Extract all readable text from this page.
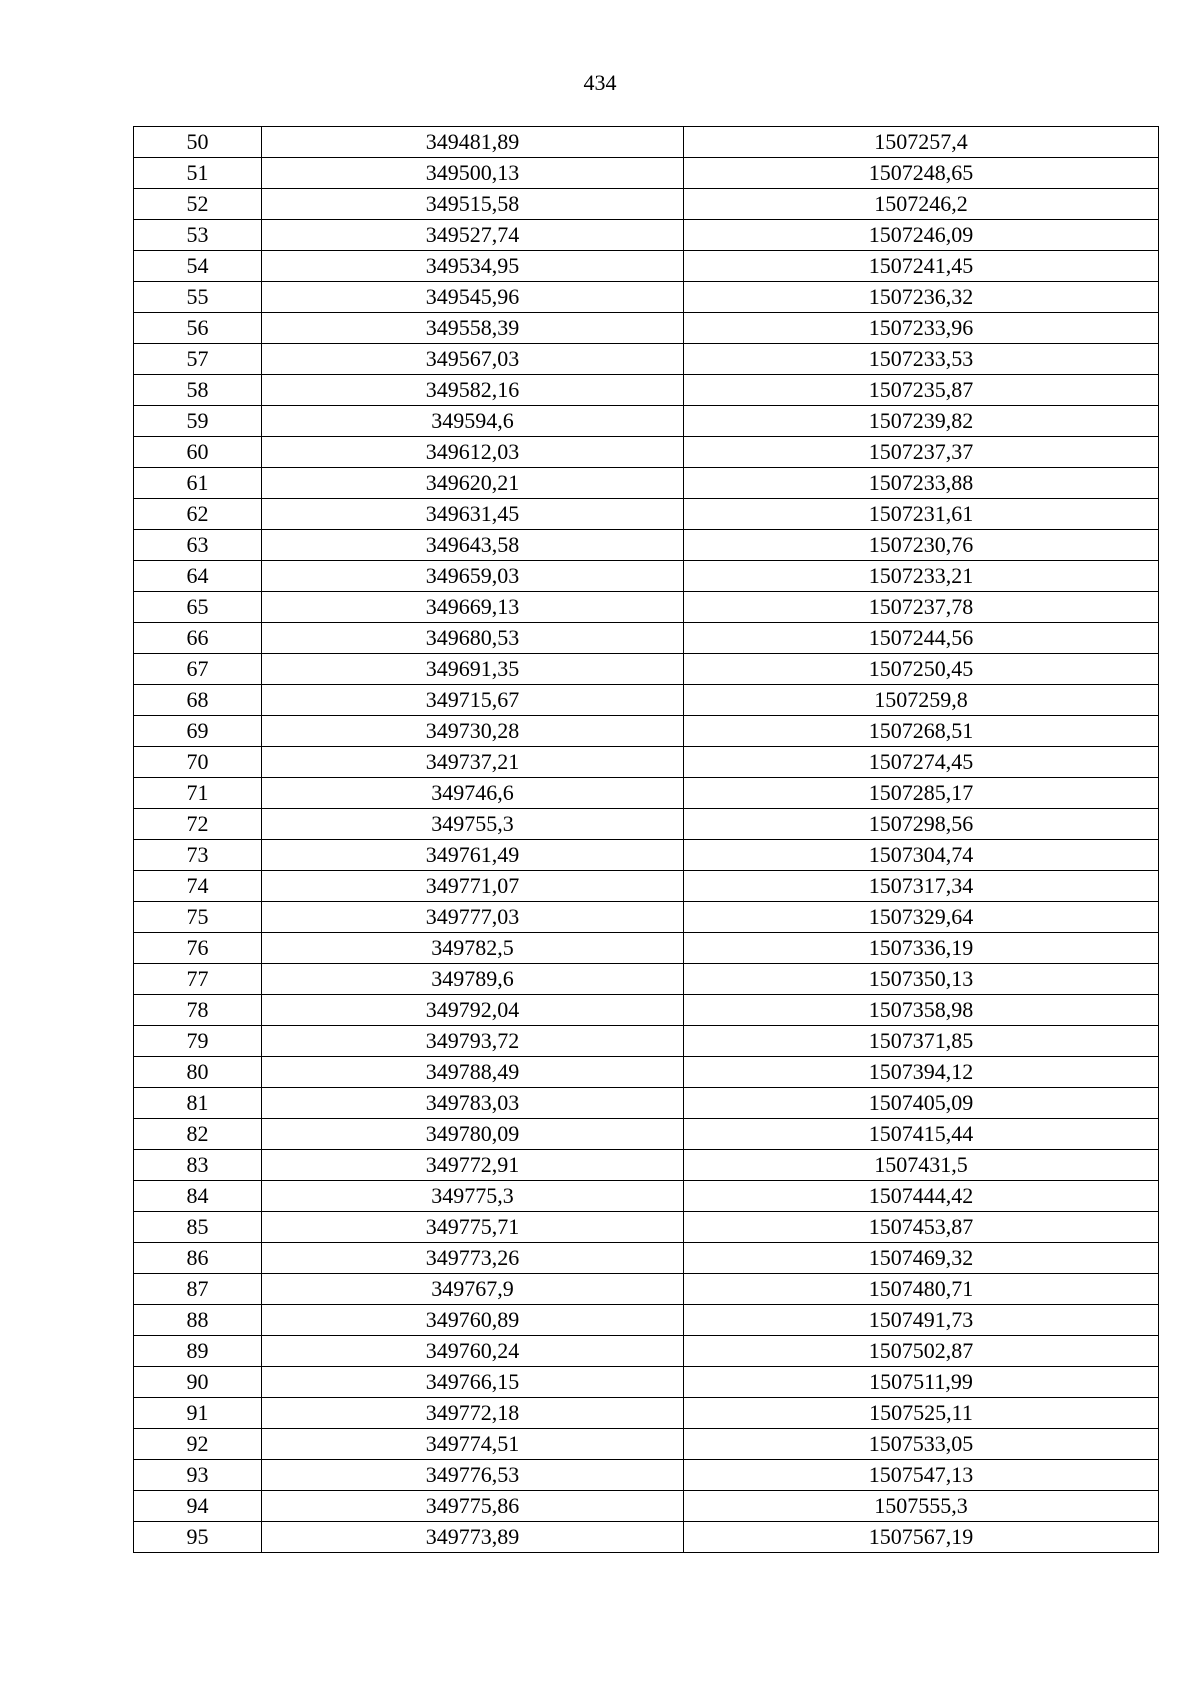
434
50	349481,89	1507257,4
51	349500,13	1507248,65
52	349515,58	1507246,2
53	349527,74	1507246,09
54	349534,95	1507241,45
55	349545,96	1507236,32
56	349558,39	1507233,96
57	349567,03	1507233,53
58	349582,16	1507235,87
59	349594,6	1507239,82
60	349612,03	1507237,37
61	349620,21	1507233,88
62	349631,45	1507231,61
63	349643,58	1507230,76
64	349659,03	1507233,21
65	349669,13	1507237,78
66	349680,53	1507244,56
67	349691,35	1507250,45
68	349715,67	1507259,8
69	349730,28	1507268,51
70	349737,21	1507274,45
71	349746,6	1507285,17
72	349755,3	1507298,56
73	349761,49	1507304,74
74	349771,07	1507317,34
75	349777,03	1507329,64
76	349782,5	1507336,19
77	349789,6	1507350,13
78	349792,04	1507358,98
79	349793,72	1507371,85
80	349788,49	1507394,12
81	349783,03	1507405,09
82	349780,09	1507415,44
83	349772,91	1507431,5
84	349775,3	1507444,42
85	349775,71	1507453,87
86	349773,26	1507469,32
87	349767,9	1507480,71
88	349760,89	1507491,73
89	349760,24	1507502,87
90	349766,15	1507511,99
91	349772,18	1507525,11
92	349774,51	1507533,05
93	349776,53	1507547,13
94	349775,86	1507555,3
95	349773,89	1507567,19
